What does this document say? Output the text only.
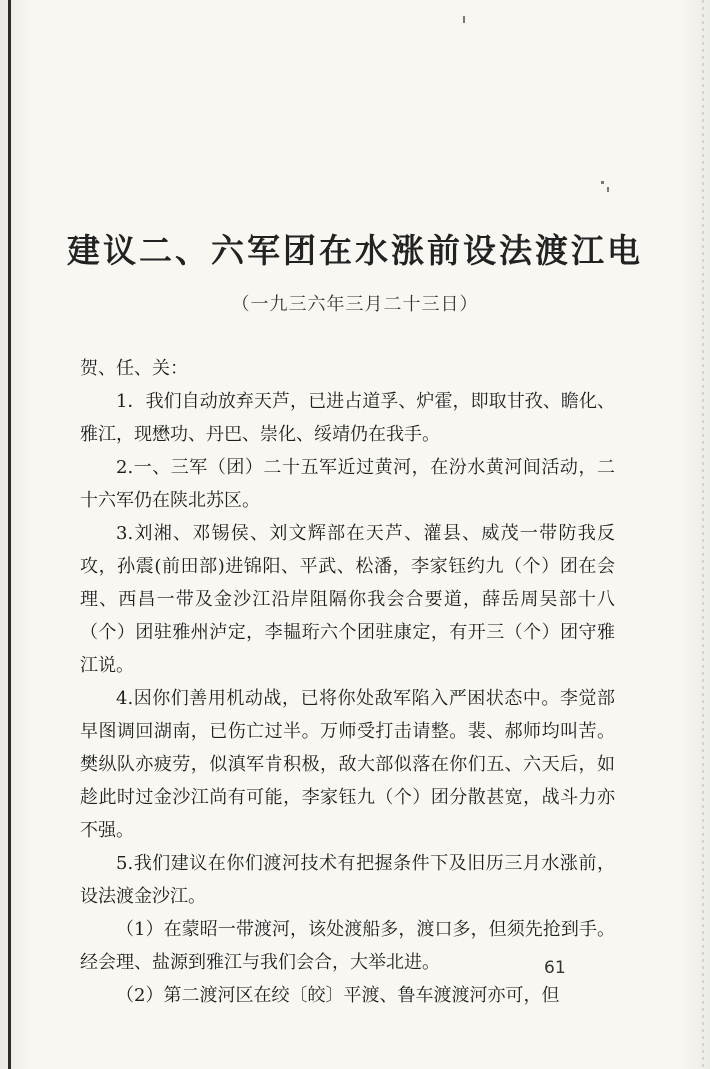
建议二、六军团在水涨前设法渡江电
（一九三六年三月二十三日）

贺、任、关：

1．我们自动放弃天芦，已进占道孚、炉霍，即取甘孜、瞻化、雅江，现懋功、丹巴、崇化、绥靖仍在我手。

2.一、三军（团）二十五军近过黄河，在汾水黄河间活动，二十六军仍在陕北苏区。

3.刘湘、邓锡侯、刘文辉部在天芦、灌县、威茂一带防我反攻，孙震(前田部)进锦阳、平武、松潘，李家钰约九（个）团在会理、西昌一带及金沙江沿岸阻隔你我会合要道，薛岳周吴部十八（个）团驻雅州泸定，李韫珩六个团驻康定，有开三（个）团守雅江说。

4.因你们善用机动战，已将你处敌军陷入严困状态中。李觉部早图调回湖南，已伤亡过半。万师受打击请整。裴、郝师均叫苦。樊纵队亦疲劳，似滇军肯积极，敌大部似落在你们五、六天后，如趁此时过金沙江尚有可能，李家钰九（个）团分散甚宽，战斗力亦不强。

5.我们建议在你们渡河技术有把握条件下及旧历三月水涨前，设法渡金沙江。

（1）在蒙昭一带渡河，该处渡船多，渡口多，但须先抢到手。经会理、盐源到雅江与我们会合，大举北进。

（2）第二渡河区在绞〔皎〕平渡、鲁车渡渡河亦可，但

61
